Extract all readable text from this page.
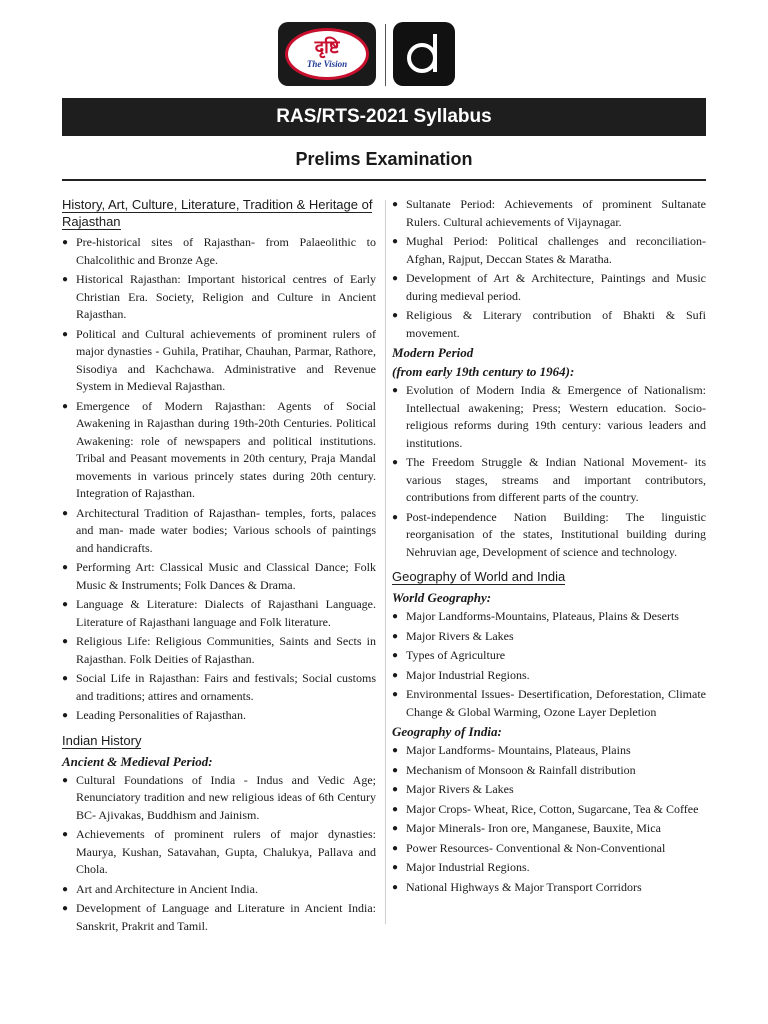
दृष्टि
The Vision
RAS/RTS-2021 Syllabus
Prelims Examination
History, Art, Culture, Literature, Tradition & Heritage of Rajasthan
● Pre-historical sites of Rajasthan- from Palaeolithic to Chalcolithic and Bronze Age.
● Historical Rajasthan: Important historical centres of Early Christian Era. Society, Religion and Culture in Ancient Rajasthan.
● Political and Cultural achievements of prominent rulers of major dynasties - Guhila, Pratihar, Chauhan, Parmar, Rathore, Sisodiya and Kachchawa. Administrative and Revenue System in Medieval Rajasthan.
● Emergence of Modern Rajasthan: Agents of Social Awakening in Rajasthan during 19th-20th Centuries. Political Awakening: role of newspapers and political institutions. Tribal and Peasant movements in 20th century, Praja Mandal movements in various princely states during 20th century. Integration of Rajasthan.
● Architectural Tradition of Rajasthan- temples, forts, palaces and man- made water bodies; Various schools of paintings and handicrafts.
● Performing Art: Classical Music and Classical Dance; Folk Music & Instruments; Folk Dances & Drama.
● Language & Literature: Dialects of Rajasthani Language. Literature of Rajasthani language and Folk literature.
● Religious Life: Religious Communities, Saints and Sects in Rajasthan. Folk Deities of Rajasthan.
● Social Life in Rajasthan: Fairs and festivals; Social customs and traditions; attires and ornaments.
● Leading Personalities of Rajasthan.
Indian History
Ancient & Medieval Period:
● Cultural Foundations of India - Indus and Vedic Age; Renunciatory tradition and new religious ideas of 6th Century BC- Ajivakas, Buddhism and Jainism.
● Achievements of prominent rulers of major dynasties: Maurya, Kushan, Satavahan, Gupta, Chalukya, Pallava and Chola.
● Art and Architecture in Ancient India.
● Development of Language and Literature in Ancient India: Sanskrit, Prakrit and Tamil.
● Sultanate Period: Achievements of prominent Sultanate Rulers. Cultural achievements of Vijaynagar.
● Mughal Period: Political challenges and reconciliation- Afghan, Rajput, Deccan States & Maratha.
● Development of Art & Architecture, Paintings and Music during medieval period.
● Religious & Literary contribution of Bhakti & Sufi movement.
Modern Period
(from early 19th century to 1964):
● Evolution of Modern India & Emergence of Nationalism: Intellectual awakening; Press; Western education. Socio-religious reforms during 19th century: various leaders and institutions.
● The Freedom Struggle & Indian National Movement- its various stages, streams and important contributors, contributions from different parts of the country.
● Post-independence Nation Building: The linguistic reorganisation of the states, Institutional building during Nehruvian age, Development of science and technology.
Geography of World and India
World Geography:
● Major Landforms-Mountains, Plateaus, Plains & Deserts
● Major Rivers & Lakes
● Types of Agriculture
● Major Industrial Regions.
● Environmental Issues- Desertification, Deforestation, Climate Change & Global Warming, Ozone Layer Depletion
Geography of India:
● Major Landforms- Mountains, Plateaus, Plains
● Mechanism of Monsoon & Rainfall distribution
● Major Rivers & Lakes
● Major Crops- Wheat, Rice, Cotton, Sugarcane, Tea & Coffee
● Major Minerals- Iron ore, Manganese, Bauxite, Mica
● Power Resources- Conventional & Non-Conventional
● Major Industrial Regions.
● National Highways & Major Transport Corridors
